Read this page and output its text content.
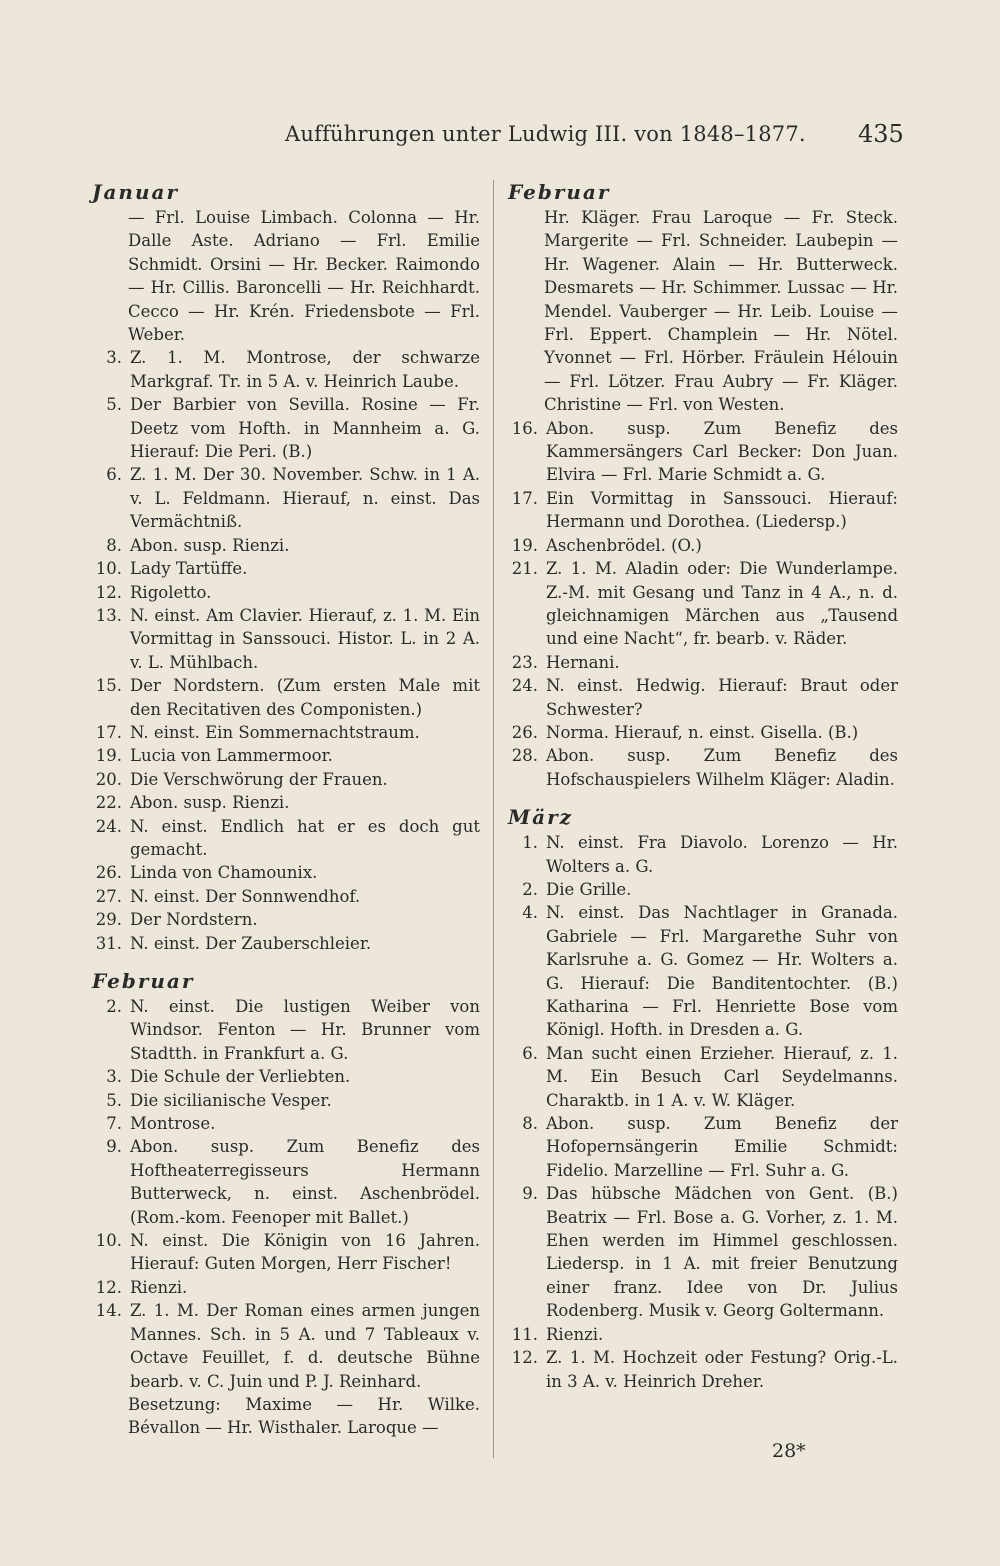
Aufführungen unter Ludwig III. von 1848–1877. 435
Januar
— Frl. Louise Limbach. Colonna — Hr. Dalle Aste. Adriano — Frl. Emilie Schmidt. Orsini — Hr. Becker. Raimondo — Hr. Cillis. Baroncelli — Hr. Reichhardt. Cecco — Hr. Krén. Friedensbote — Frl. Weber.
3. Z. 1. M. Montrose, der schwarze Markgraf. Tr. in 5 A. v. Heinrich Laube.
5. Der Barbier von Sevilla. Rosine — Fr. Deetz vom Hofth. in Mannheim a. G. Hierauf: Die Peri. (B.)
6. Z. 1. M. Der 30. November. Schw. in 1 A. v. L. Feldmann. Hierauf, n. einst. Das Vermächtniß.
8. Abon. susp. Rienzi.
10. Lady Tartüffe.
12. Rigoletto.
13. N. einst. Am Clavier. Hierauf, z. 1. M. Ein Vormittag in Sanssouci. Histor. L. in 2 A. v. L. Mühlbach.
15. Der Nordstern. (Zum ersten Male mit den Recitativen des Componisten.)
17. N. einst. Ein Sommernachtstraum.
19. Lucia von Lammermoor.
20. Die Verschwörung der Frauen.
22. Abon. susp. Rienzi.
24. N. einst. Endlich hat er es doch gut gemacht.
26. Linda von Chamounix.
27. N. einst. Der Sonnwendhof.
29. Der Nordstern.
31. N. einst. Der Zauberschleier.
Februar
2. N. einst. Die lustigen Weiber von Windsor. Fenton — Hr. Brunner vom Stadtth. in Frankfurt a. G.
3. Die Schule der Verliebten.
5. Die sicilianische Vesper.
7. Montrose.
9. Abon. susp. Zum Benefiz des Hoftheaterregisseurs Hermann Butterweck, n. einst. Aschenbrödel. (Rom.-kom. Feenoper mit Ballet.)
10. N. einst. Die Königin von 16 Jahren. Hierauf: Guten Morgen, Herr Fischer!
12. Rienzi.
14. Z. 1. M. Der Roman eines armen jungen Mannes. Sch. in 5 A. und 7 Tableaux v. Octave Feuillet, f. d. deutsche Bühne bearb. v. C. Juin und P. J. Reinhard.
Besetzung: Maxime — Hr. Wilke. Bévallon — Hr. Wisthaler. Laroque —
Februar
Hr. Kläger. Frau Laroque — Fr. Steck. Margerite — Frl. Schneider. Laubepin — Hr. Wagener. Alain — Hr. Butterweck. Desmarets — Hr. Schimmer. Lussac — Hr. Mendel. Vauberger — Hr. Leib. Louise — Frl. Eppert. Champlein — Hr. Nötel. Yvonnet — Frl. Hörber. Fräulein Hélouin — Frl. Lötzer. Frau Aubry — Fr. Kläger. Christine — Frl. von Westen.
16. Abon. susp. Zum Benefiz des Kammersängers Carl Becker: Don Juan. Elvira — Frl. Marie Schmidt a. G.
17. Ein Vormittag in Sanssouci. Hierauf: Hermann und Dorothea. (Liedersp.)
19. Aschenbrödel. (O.)
21. Z. 1. M. Aladin oder: Die Wunderlampe. Z.-M. mit Gesang und Tanz in 4 A., n. d. gleichnamigen Märchen aus „Tausend und eine Nacht“, fr. bearb. v. Räder.
23. Hernani.
24. N. einst. Hedwig. Hierauf: Braut oder Schwester?
26. Norma. Hierauf, n. einst. Gisella. (B.)
28. Abon. susp. Zum Benefiz des Hofschauspielers Wilhelm Kläger: Aladin.
März
1. N. einst. Fra Diavolo. Lorenzo — Hr. Wolters a. G.
2. Die Grille.
4. N. einst. Das Nachtlager in Granada. Gabriele — Frl. Margarethe Suhr von Karlsruhe a. G. Gomez — Hr. Wolters a. G. Hierauf: Die Banditentochter. (B.) Katharina — Frl. Henriette Bose vom Königl. Hofth. in Dresden a. G.
6. Man sucht einen Erzieher. Hierauf, z. 1. M. Ein Besuch Carl Seydelmanns. Charaktb. in 1 A. v. W. Kläger.
8. Abon. susp. Zum Benefiz der Hofopernsängerin Emilie Schmidt: Fidelio. Marzelline — Frl. Suhr a. G.
9. Das hübsche Mädchen von Gent. (B.) Beatrix — Frl. Bose a. G. Vorher, z. 1. M. Ehen werden im Himmel geschlossen. Liedersp. in 1 A. mit freier Benutzung einer franz. Idee von Dr. Julius Rodenberg. Musik v. Georg Goltermann.
11. Rienzi.
12. Z. 1. M. Hochzeit oder Festung? Orig.-L. in 3 A. v. Heinrich Dreher.
28*
